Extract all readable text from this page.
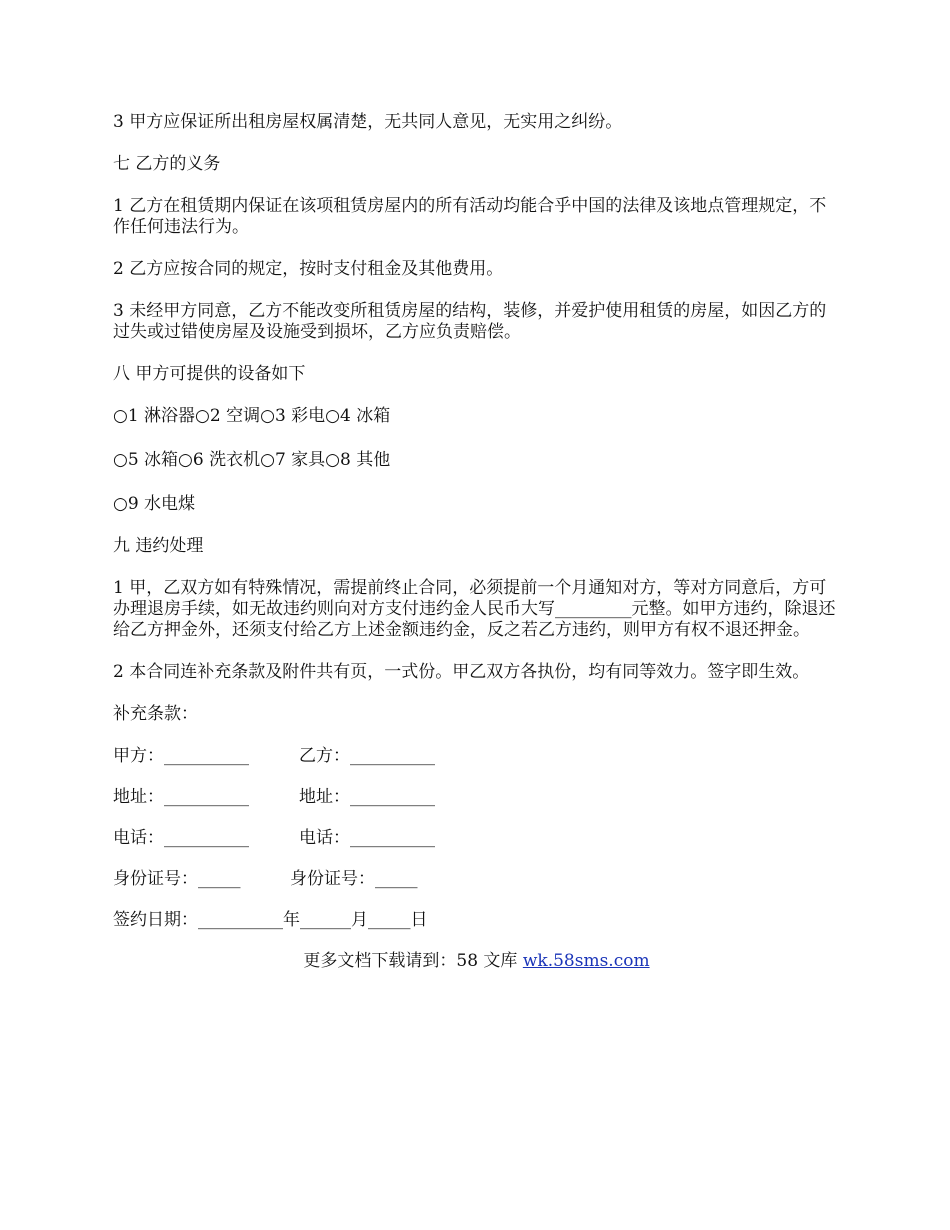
3 甲方应保证所出租房屋权属清楚，无共同人意见，无实用之纠纷。

七 乙方的义务

1 乙方在租赁期内保证在该项租赁房屋内的所有活动均能合乎中国的法律及该地点管理规定，不作任何违法行为。

2 乙方应按合同的规定，按时支付租金及其他费用。

3 未经甲方同意，乙方不能改变所租赁房屋的结构，装修，并爱护使用租赁的房屋，如因乙方的过失或过错使房屋及设施受到损坏，乙方应负责赔偿。

八 甲方可提供的设备如下

○1 淋浴器○2 空调○3 彩电○4 冰箱

○5 冰箱○6 洗衣机○7 家具○8 其他

○9 水电煤

九 违约处理

1 甲，乙双方如有特殊情况，需提前终止合同，必须提前一个月通知对方，等对方同意后，方可办理退房手续，如无故违约则向对方支付违约金人民币大写_________元整。如甲方违约，除退还给乙方押金外，还须支付给乙方上述金额违约金，反之若乙方违约，则甲方有权不退还押金。

2 本合同连补充条款及附件共有页，一式份。甲乙双方各执份，均有同等效力。签字即生效。

补充条款：

甲方：__________	乙方：__________
地址：__________	地址：__________
电话：__________	电话：__________
身份证号：_____	身份证号：_____
签约日期：__________年______月_____日
更多文档下载请到：58 文库 wk.58sms.com
